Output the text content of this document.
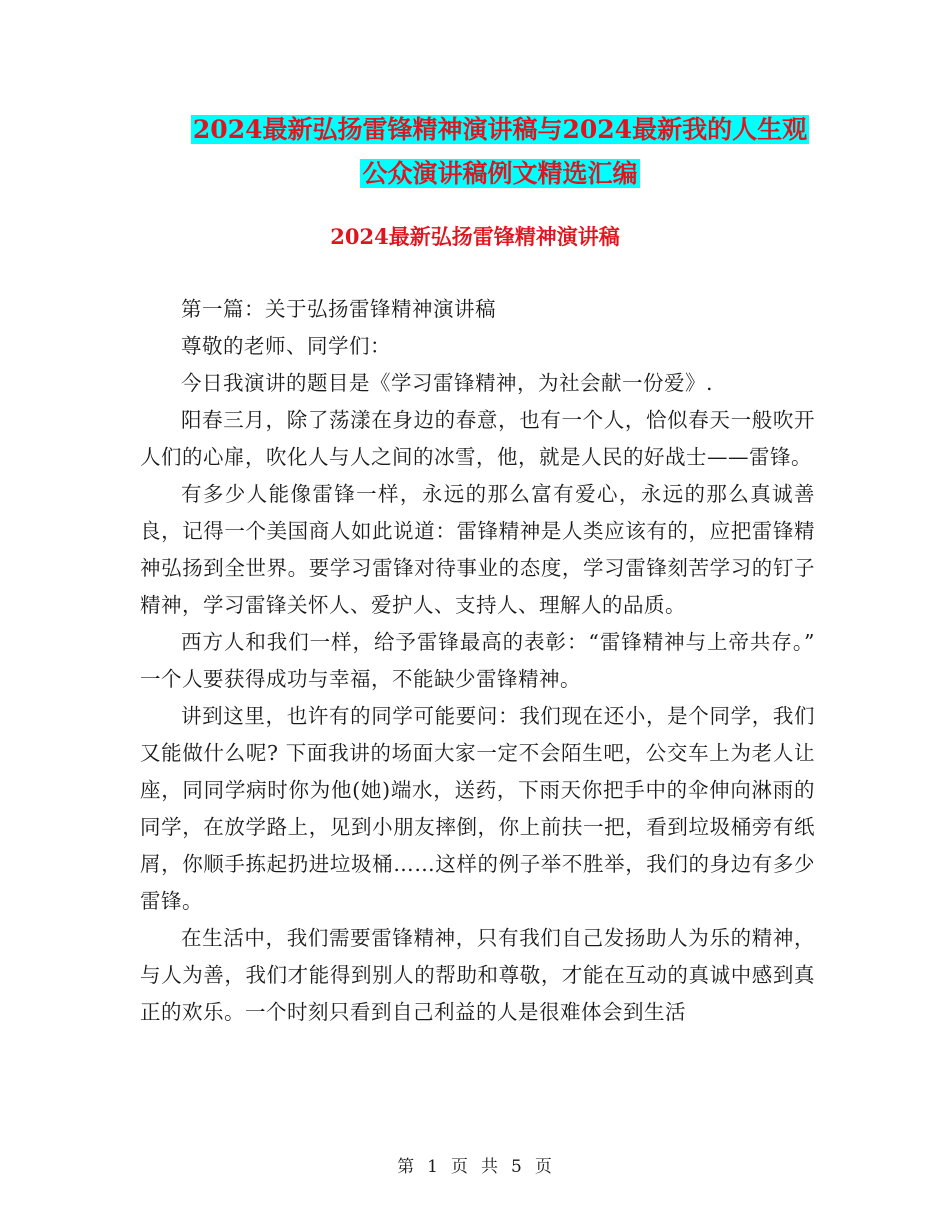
2024最新弘扬雷锋精神演讲稿与2024最新我的人生观
公众演讲稿例文精选汇编
2024最新弘扬雷锋精神演讲稿

第一篇：关于弘扬雷锋精神演讲稿

尊敬的老师、同学们：

今日我演讲的题目是《学习雷锋精神，为社会献一份爱》.

阳春三月，除了荡漾在身边的春意，也有一个人，恰似春天一般吹开人们的心扉，吹化人与人之间的冰雪，他，就是人民的好战士——雷锋。

有多少人能像雷锋一样，永远的那么富有爱心，永远的那么真诚善良，记得一个美国商人如此说道：雷锋精神是人类应该有的，应把雷锋精神弘扬到全世界。要学习雷锋对待事业的态度，学习雷锋刻苦学习的钉子精神，学习雷锋关怀人、爱护人、支持人、理解人的品质。

西方人和我们一样，给予雷锋最高的表彰：“雷锋精神与上帝共存。” 一个人要获得成功与幸福，不能缺少雷锋精神。

讲到这里，也许有的同学可能要问：我们现在还小，是个同学，我们又能做什么呢? 下面我讲的场面大家一定不会陌生吧，公交车上为老人让座，同同学病时你为他(她)端水，送药，下雨天你把手中的伞伸向淋雨的同学，在放学路上，见到小朋友摔倒，你上前扶一把，看到垃圾桶旁有纸屑，你顺手拣起扔进垃圾桶……这样的例子举不胜举，我们的身边有多少雷锋。

在生活中，我们需要雷锋精神，只有我们自己发扬助人为乐的精神，与人为善，我们才能得到别人的帮助和尊敬，才能在互动的真诚中感到真正的欢乐。一个时刻只看到自己利益的人是很难体会到生活

第 1 页 共 5 页
